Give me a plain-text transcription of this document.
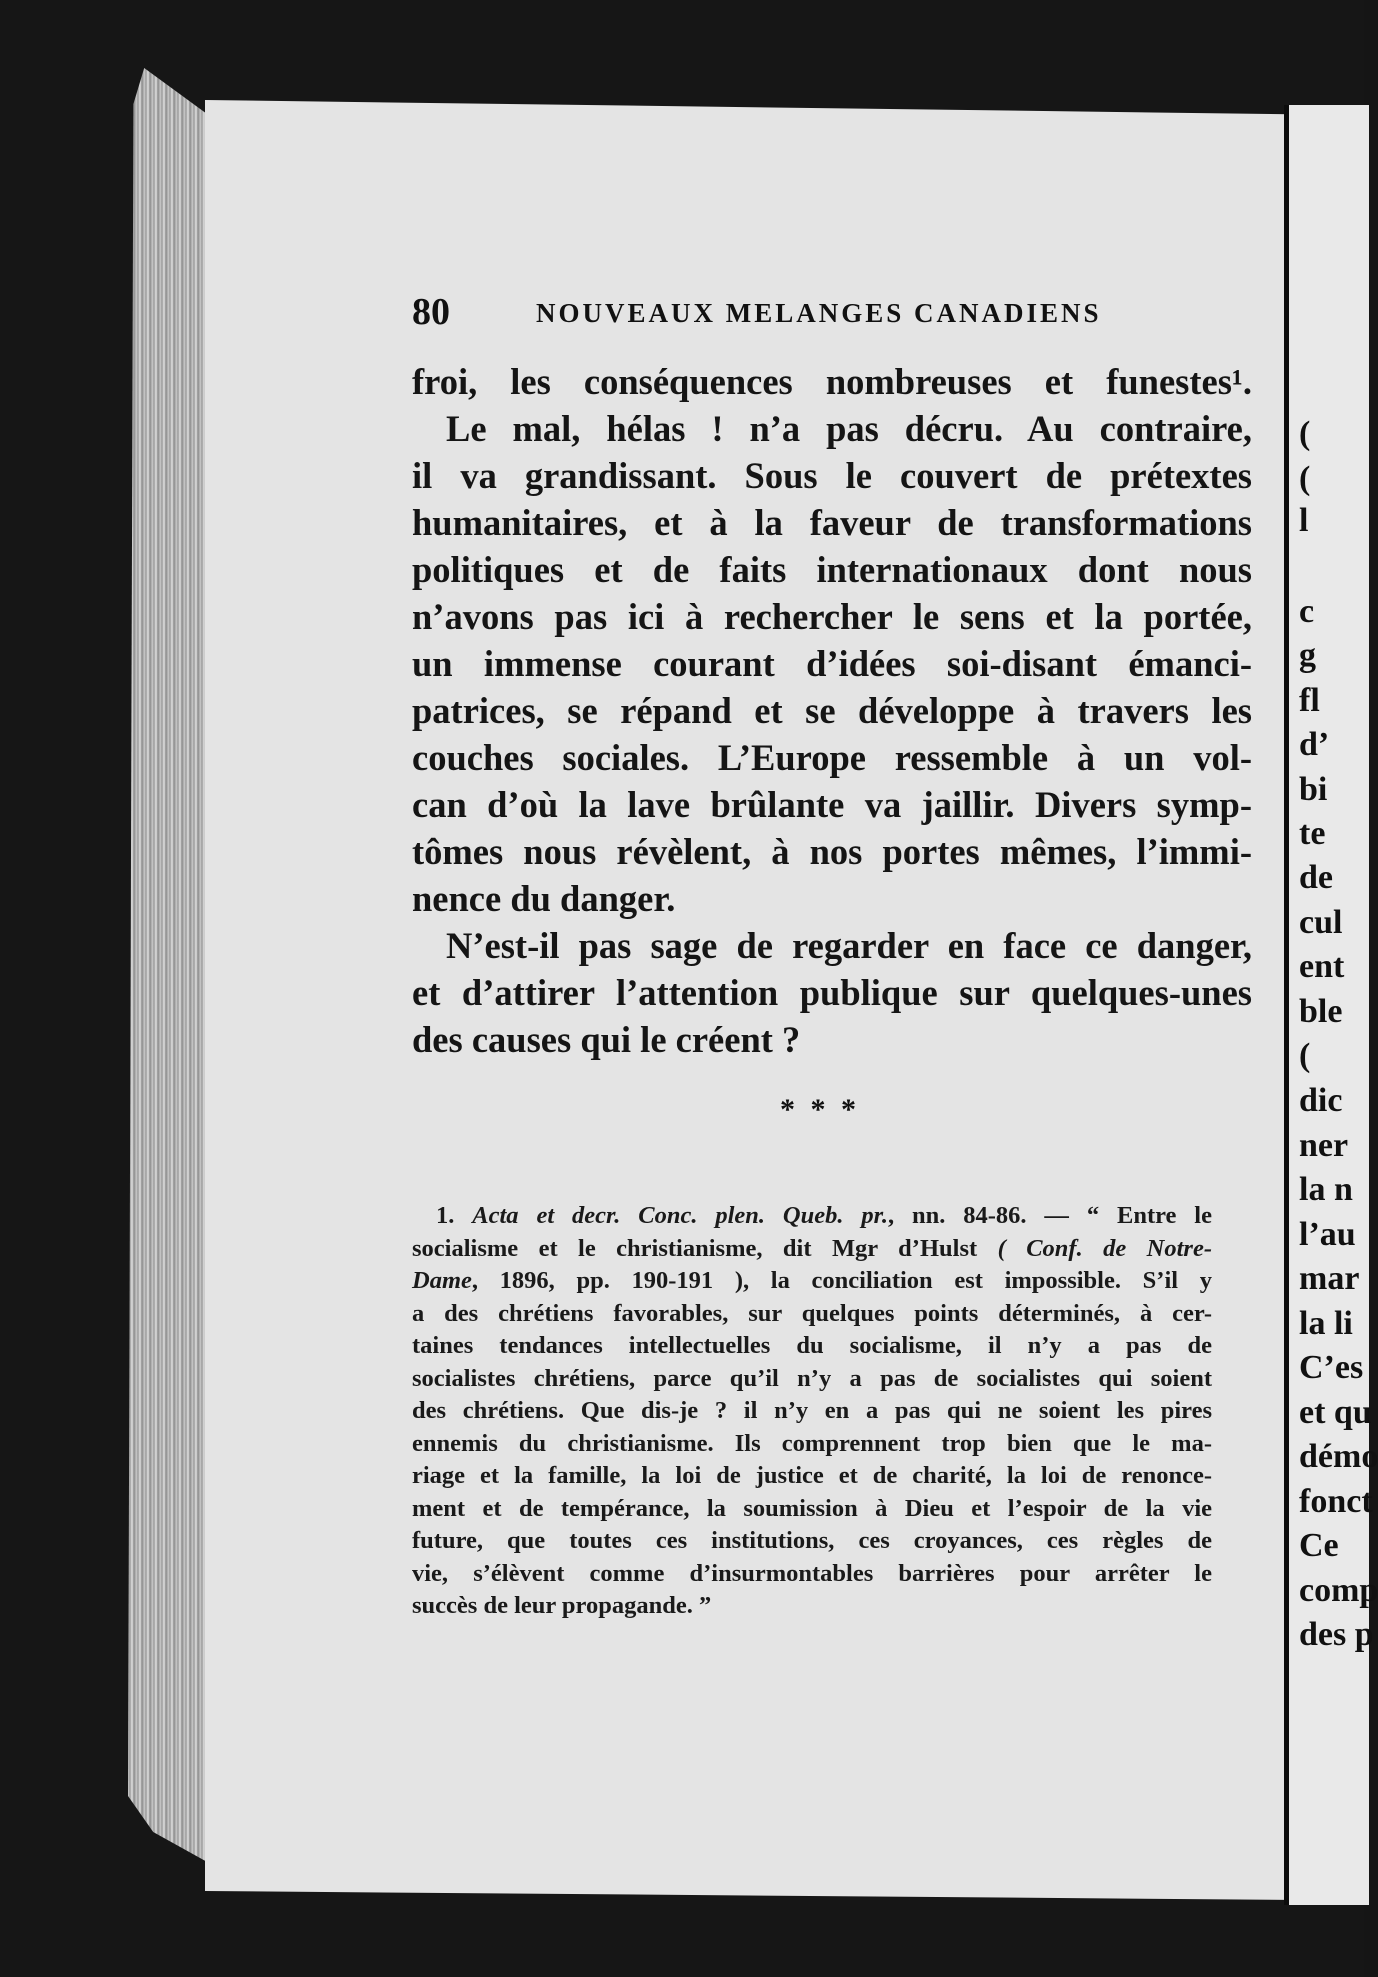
(
(
l
c
g
fl
d’
bi
te
de
cul
ent
ble
(
dic
ner
la n
l’au
mar
la li
C’es
et qu
démo
fonct
Ce
comp
des p
80	NOUVEAUX MELANGES CANADIENS
froi, les conséquences nombreuses et funestes¹.
Le mal, hélas ! n’a pas décru. Au contraire,
il va grandissant. Sous le couvert de prétextes
humanitaires, et à la faveur de transformations
politiques et de faits internationaux dont nous
n’avons pas ici à rechercher le sens et la portée,
un immense courant d’idées soi-disant émanci-
patrices, se répand et se développe à travers les
couches sociales. L’Europe ressemble à un vol-
can d’où la lave brûlante va jaillir. Divers symp-
tômes nous révèlent, à nos portes mêmes, l’immi-
nence du danger.
N’est-il pas sage de regarder en face ce danger,
et d’attirer l’attention publique sur quelques-unes
des causes qui le créent ?
* * *
1. Acta et decr. Conc. plen. Queb. pr., nn. 84-86. — “ Entre le
socialisme et le christianisme, dit Mgr d’Hulst ( Conf. de Notre-
Dame, 1896, pp. 190-191 ), la conciliation est impossible. S’il y
a des chrétiens favorables, sur quelques points déterminés, à cer-
taines tendances intellectuelles du socialisme, il n’y a pas de
socialistes chrétiens, parce qu’il n’y a pas de socialistes qui soient
des chrétiens. Que dis-je ? il n’y en a pas qui ne soient les pires
ennemis du christianisme. Ils comprennent trop bien que le ma-
riage et la famille, la loi de justice et de charité, la loi de renonce-
ment et de tempérance, la soumission à Dieu et l’espoir de la vie
future, que toutes ces institutions, ces croyances, ces règles de
vie, s’élèvent comme d’insurmontables barrières pour arrêter le
succès de leur propagande. ”
